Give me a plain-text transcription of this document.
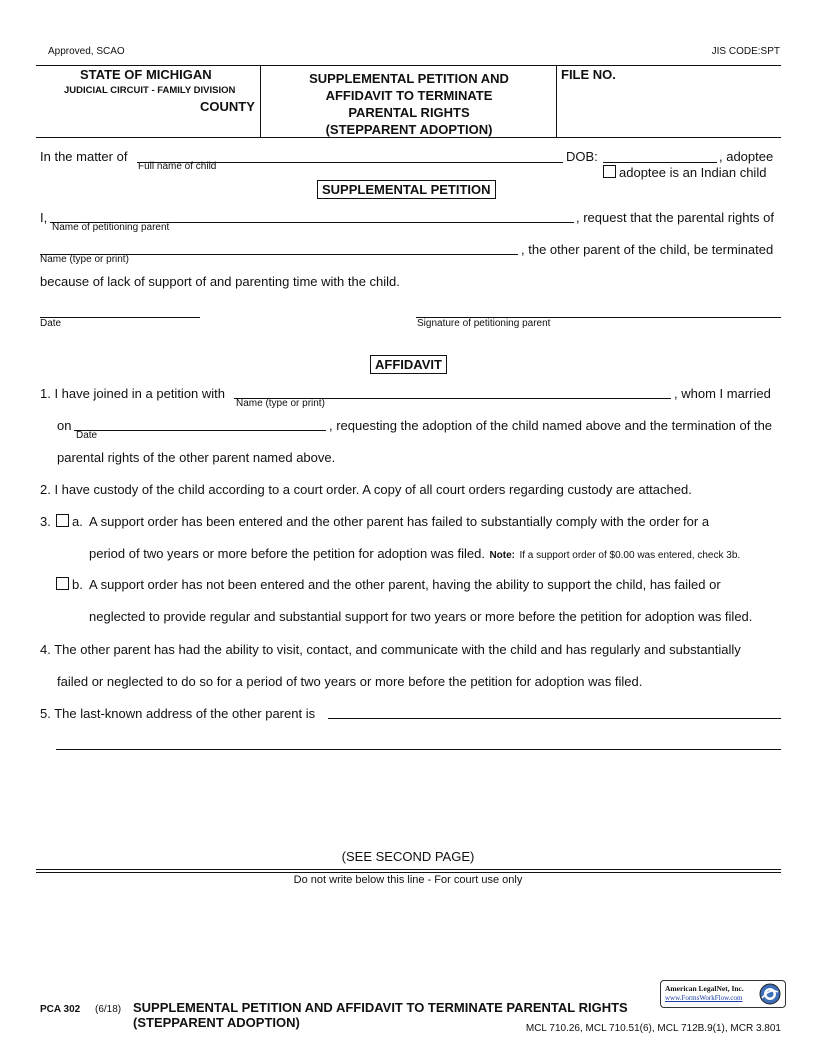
Approved, SCAO	JIS CODE:SPT
STATE OF MICHIGAN
JUDICIAL CIRCUIT - FAMILY DIVISION
COUNTY
SUPPLEMENTAL PETITION AND
AFFIDAVIT TO TERMINATE
PARENTAL RIGHTS
(STEPPARENT ADOPTION)
FILE NO.
In the matter of
Full name of child
DOB:	, adoptee
adoptee is an Indian child
SUPPLEMENTAL PETITION
I,
Name of petitioning parent
, request that the parental rights of
Name (type or print)
, the other parent of the child, be terminated
because of lack of support of and parenting time with the child.
Date	Signature of petitioning parent
AFFIDAVIT
1. I have joined in a petition with
Name (type or print)
, whom I married
on
Date
, requesting the adoption of the child named above and the termination of the
parental rights of the other parent named above.
2. I have custody of the child according to a court order. A copy of all court orders regarding custody are attached.
3. a. A support order has been entered and the other parent has failed to substantially comply with the order for a
period of two years or more before the petition for adoption was filed. Note: If a support order of $0.00 was entered, check 3b.
b. A support order has not been entered and the other parent, having the ability to support the child, has failed or
neglected to provide regular and substantial support for two years or more before the petition for adoption was filed.
4. The other parent has had the ability to visit, contact, and communicate with the child and has regularly and substantially
failed or neglected to do so for a period of two years or more before the petition for adoption was filed.
5. The last-known address of the other parent is
(SEE SECOND PAGE)
Do not write below this line - For court use only
PCA 302 (6/18) SUPPLEMENTAL PETITION AND AFFIDAVIT TO TERMINATE PARENTAL RIGHTS
(STEPPARENT ADOPTION)	MCL 710.26, MCL 710.51(6), MCL 712B.9(1), MCR 3.801
American LegalNet, Inc.
www.FormsWorkFlow.com
